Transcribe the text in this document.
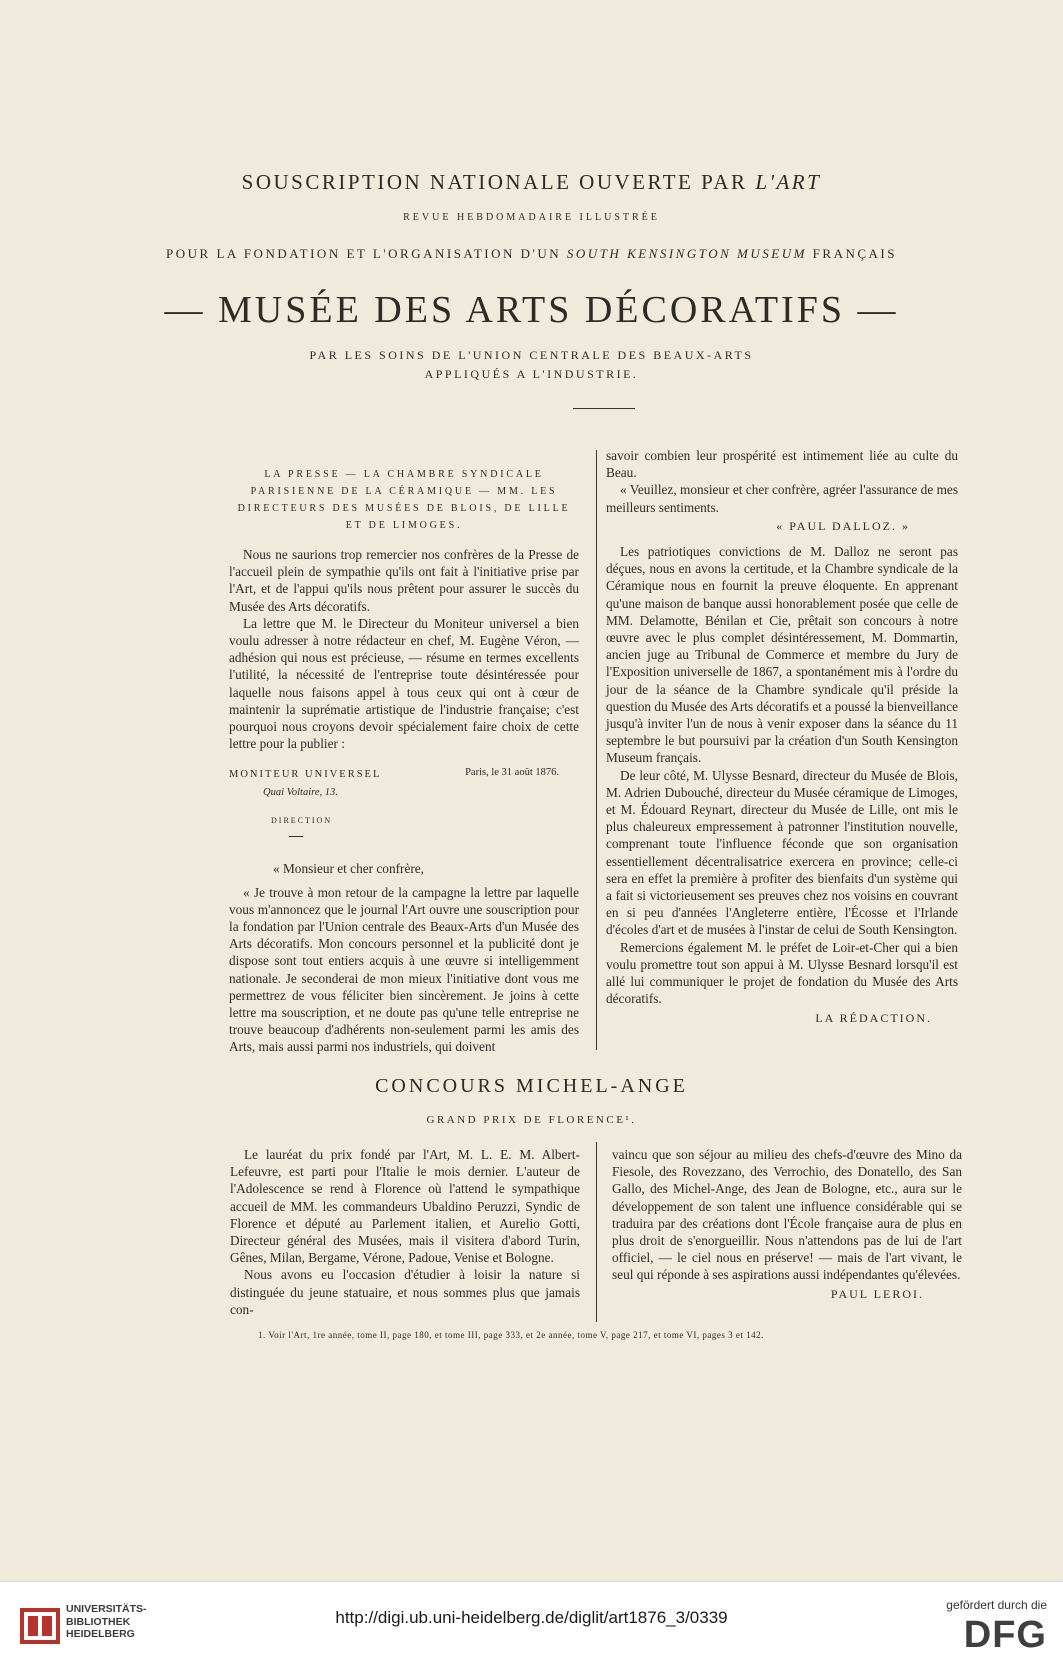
SOUSCRIPTION NATIONALE OUVERTE PAR L'ART
REVUE HEBDOMADAIRE ILLUSTRÉE
POUR LA FONDATION ET L'ORGANISATION D'UN SOUTH KENSINGTON MUSEUM FRANÇAIS
— MUSÉE DES ARTS DÉCORATIFS —
PAR LES SOINS DE L'UNION CENTRALE DES BEAUX-ARTS
APPLIQUÉS A L'INDUSTRIE.
LA PRESSE — LA CHAMBRE SYNDICALE PARISIENNE DE LA CÉRAMIQUE — MM. LES DIRECTEURS DES MUSÉES DE BLOIS, DE LILLE ET DE LIMOGES.

Nous ne saurions trop remercier nos confrères de la Presse de l'accueil plein de sympathie qu'ils ont fait à l'initiative prise par l'Art, et de l'appui qu'ils nous prêtent pour assurer le succès du Musée des Arts décoratifs.

La lettre que M. le Directeur du Moniteur universel a bien voulu adresser à notre rédacteur en chef, M. Eugène Véron, — adhésion qui nous est précieuse, — résume en termes excellents l'utilité, la nécessité de l'entreprise toute désintéressée pour laquelle nous faisons appel à tous ceux qui ont à cœur de maintenir la suprématie artistique de l'industrie française; c'est pourquoi nous croyons devoir spécialement faire choix de cette lettre pour la publier :

MONITEUR UNIVERSEL
Quai Voltaire, 13.
Paris, le 31 août 1876.
DIRECTION

« Monsieur et cher confrère,

« Je trouve à mon retour de la campagne la lettre par laquelle vous m'annoncez que le journal l'Art ouvre une souscription pour la fondation par l'Union centrale des Beaux-Arts d'un Musée des Arts décoratifs. Mon concours personnel et la publicité dont je dispose sont tout entiers acquis à une œuvre si intelligemment nationale. Je seconderai de mon mieux l'initiative dont vous me permettrez de vous féliciter bien sincèrement. Je joins à cette lettre ma souscription, et ne doute pas qu'une telle entreprise ne trouve beaucoup d'adhérents non-seulement parmi les amis des Arts, mais aussi parmi nos industriels, qui doivent

savoir combien leur prospérité est intimement liée au culte du Beau.

« Veuillez, monsieur et cher confrère, agréer l'assurance de mes meilleurs sentiments.

« PAUL DALLOZ. »

Les patriotiques convictions de M. Dalloz ne seront pas déçues, nous en avons la certitude, et la Chambre syndicale de la Céramique nous en fournit la preuve éloquente. En apprenant qu'une maison de banque aussi honorablement posée que celle de MM. Delamotte, Bénilan et Cie, prêtait son concours à notre œuvre avec le plus complet désintéressement, M. Dommartin, ancien juge au Tribunal de Commerce et membre du Jury de l'Exposition universelle de 1867, a spontanément mis à l'ordre du jour de la séance de la Chambre syndicale qu'il préside la question du Musée des Arts décoratifs et a poussé la bienveillance jusqu'à inviter l'un de nous à venir exposer dans la séance du 11 septembre le but poursuivi par la création d'un South Kensington Museum français.

De leur côté, M. Ulysse Besnard, directeur du Musée de Blois, M. Adrien Dubouché, directeur du Musée céramique de Limoges, et M. Édouard Reynart, directeur du Musée de Lille, ont mis le plus chaleureux empressement à patronner l'institution nouvelle, comprenant toute l'influence féconde que son organisation essentiellement décentralisatrice exercera en province; celle-ci sera en effet la première à profiter des bienfaits d'un système qui a fait si victorieusement ses preuves chez nos voisins en couvrant en si peu d'années l'Angleterre entière, l'Écosse et l'Irlande d'écoles d'art et de musées à l'instar de celui de South Kensington.

Remercions également M. le préfet de Loir-et-Cher qui a bien voulu promettre tout son appui à M. Ulysse Besnard lorsqu'il est allé lui communiquer le projet de fondation du Musée des Arts décoratifs.

LA RÉDACTION.

CONCOURS MICHEL-ANGE
GRAND PRIX DE FLORENCE¹.

Le lauréat du prix fondé par l'Art, M. L. E. M. Albert-Lefeuvre, est parti pour l'Italie le mois dernier. L'auteur de l'Adolescence se rend à Florence où l'attend le sympathique accueil de MM. les commandeurs Ubaldino Peruzzi, Syndic de Florence et député au Parlement italien, et Aurelio Gotti, Directeur général des Musées, mais il visitera d'abord Turin, Gênes, Milan, Bergame, Vérone, Padoue, Venise et Bologne.

Nous avons eu l'occasion d'étudier à loisir la nature si distinguée du jeune statuaire, et nous sommes plus que jamais con-

vaincu que son séjour au milieu des chefs-d'œuvre des Mino da Fiesole, des Rovezzano, des Verrochio, des Donatello, des San Gallo, des Michel-Ange, des Jean de Bologne, etc., aura sur le développement de son talent une influence considérable qui se traduira par des créations dont l'École française aura de plus en plus droit de s'enorgueillir. Nous n'attendons pas de lui de l'art officiel, — le ciel nous en préserve! — mais de l'art vivant, le seul qui réponde à ses aspirations aussi indépendantes qu'élevées.

PAUL LEROI.

1. Voir l'Art, 1re année, tome II, page 180, et tome III, page 333, et 2e année, tome V, page 217, et tome VI, pages 3 et 142.
UNIVERSITÄTS-
BIBLIOTHEK
HEIDELBERG
http://digi.ub.uni-heidelberg.de/diglit/art1876_3/0339
gefördert durch die
DFG
